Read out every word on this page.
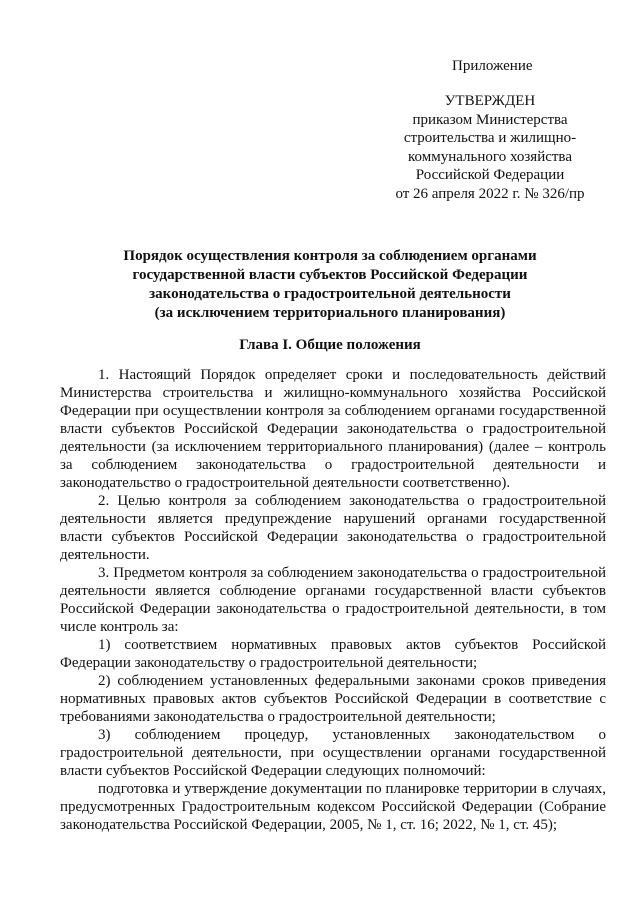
Приложение
УТВЕРЖДЕН
приказом Министерства
строительства и жилищно-
коммунального хозяйства
Российской Федерации
от 26 апреля 2022 г. № 326/пр
Порядок осуществления контроля за соблюдением органами
государственной власти субъектов Российской Федерации
законодательства о градостроительной деятельности
(за исключением территориального планирования)
Глава I. Общие положения

1. Настоящий Порядок определяет сроки и последовательность действий Министерства строительства и жилищно-коммунального хозяйства Российской Федерации при осуществлении контроля за соблюдением органами государственной власти субъектов Российской Федерации законодательства о градостроительной деятельности (за исключением территориального планирования) (далее – контроль за соблюдением законодательства о градостроительной деятельности и законодательство о градостроительной деятельности соответственно).

2. Целью контроля за соблюдением законодательства о градостроительной деятельности является предупреждение нарушений органами государственной власти субъектов Российской Федерации законодательства о градостроительной деятельности.

3. Предметом контроля за соблюдением законодательства о градостроительной деятельности является соблюдение органами государственной власти субъектов Российской Федерации законодательства о градостроительной деятельности, в том числе контроль за:

1) соответствием нормативных правовых актов субъектов Российской Федерации законодательству о градостроительной деятельности;

2) соблюдением установленных федеральными законами сроков приведения нормативных правовых актов субъектов Российской Федерации в соответствие с требованиями законодательства о градостроительной деятельности;

3) соблюдением процедур, установленных законодательством о градостроительной деятельности, при осуществлении органами государственной власти субъектов Российской Федерации следующих полномочий:

подготовка и утверждение документации по планировке территории в случаях, предусмотренных Градостроительным кодексом Российской Федерации (Собрание законодательства Российской Федерации, 2005, № 1, ст. 16; 2022, № 1, ст. 45);
